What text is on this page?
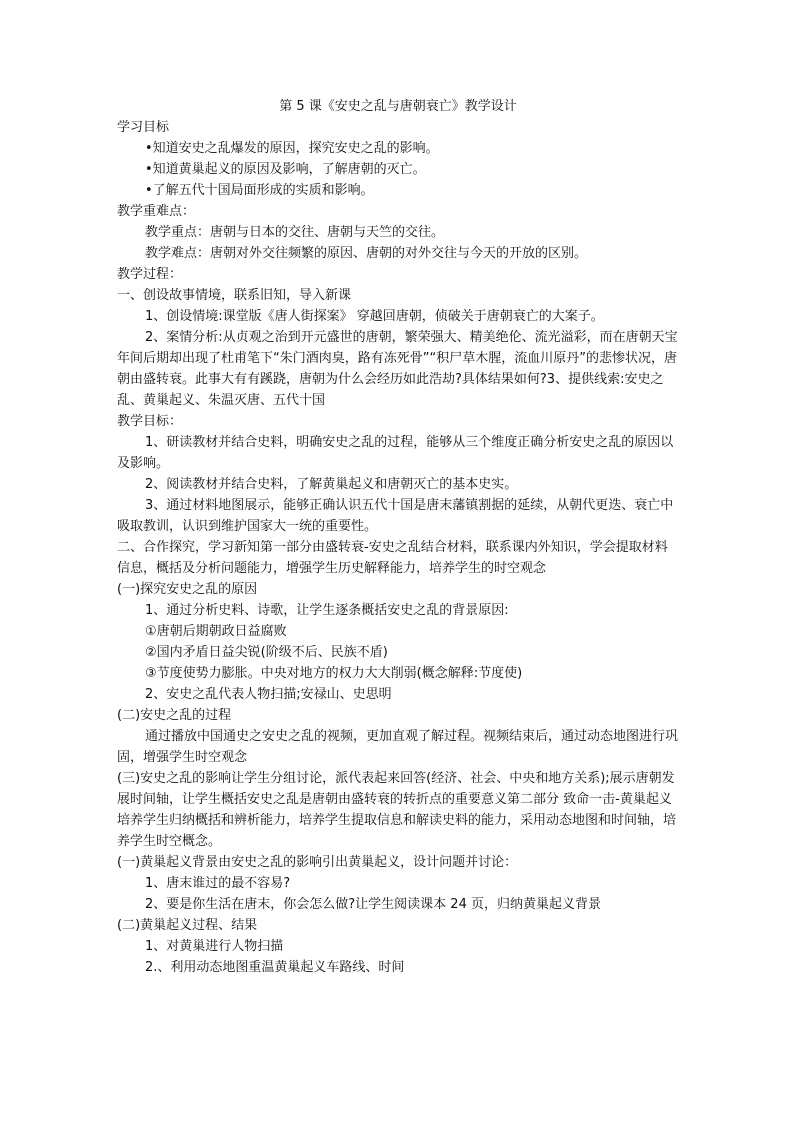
第 5 课《安史之乱与唐朝衰亡》教学设计
学习目标
•知道安史之乱爆发的原因，探究安史之乱的影响。
•知道黄巢起义的原因及影响，了解唐朝的灭亡。
•了解五代十国局面形成的实质和影响。
教学重难点：
教学重点：唐朝与日本的交往、唐朝与天竺的交往。
教学难点：唐朝对外交往频繁的原因、唐朝的对外交往与今天的开放的区别。
教学过程：
一、创设故事情境，联系旧知，导入新课
1、创设情境:课堂版《唐人街探案》 穿越回唐朝，侦破关于唐朝衰亡的大案子。
2、案情分析:从贞观之治到开元盛世的唐朝，繁荣强大、精美绝伦、流光溢彩，而在唐朝天宝年间后期却出现了杜甫笔下“朱门酒肉臭，路有冻死骨”“积尸草木腥，流血川原丹”的悲惨状况，唐朝由盛转衰。此事大有有蹊跷，唐朝为什么会经历如此浩劫?具体结果如何?3、提供线索:安史之乱、黄巢起义、朱温灭唐、五代十国
教学目标：
1、研读教材并结合史料，明确安史之乱的过程，能够从三个维度正确分析安史之乱的原因以及影响。
2、阅读教材并结合史料，了解黄巢起义和唐朝灭亡的基本史实。
3、通过材料地图展示，能够正确认识五代十国是唐末藩镇割据的延续，从朝代更迭、衰亡中吸取教训，认识到维护国家大一统的重要性。
二、合作探究，学习新知第一部分由盛转衰-安史之乱结合材料，联系课内外知识，学会提取材料信息，概括及分析问题能力，增强学生历史解释能力，培养学生的时空观念
(一)探究安史之乱的原因
1、通过分析史料、诗歌，让学生逐条概括安史之乱的背景原因:
①唐朝后期朝政日益腐败
②国内矛盾日益尖锐(阶级不后、民族不盾)
③节度使势力膨胀。中央对地方的权力大大削弱(概念解释:节度使)
2、安史之乱代表人物扫描;安禄山、史思明
(二)安史之乱的过程
通过播放中国通史之安史之乱的视频，更加直观了解过程。视频结束后，通过动态地图进行巩固，增强学生时空观念
(三)安史之乱的影响让学生分组讨论，派代表起来回答(经济、社会、中央和地方关系);展示唐朝发展时间轴，让学生概括安史之乱是唐朝由盛转衰的转折点的重要意义第二部分 致命一击-黄巢起义培养学生归纳概括和辨析能力，培养学生提取信息和解读史料的能力，采用动态地图和时间轴，培养学生时空概念。
(一)黄巢起义背景由安史之乱的影响引出黄巢起义，设计问题并讨论：
1、唐末谁过的最不容易?
2、要是你生活在唐末，你会怎么做?让学生阅读课本 24 页，归纳黄巢起义背景
(二)黄巢起义过程、结果
1、对黄巢进行人物扫描
2.、利用动态地图重温黄巢起义车路线、时间
